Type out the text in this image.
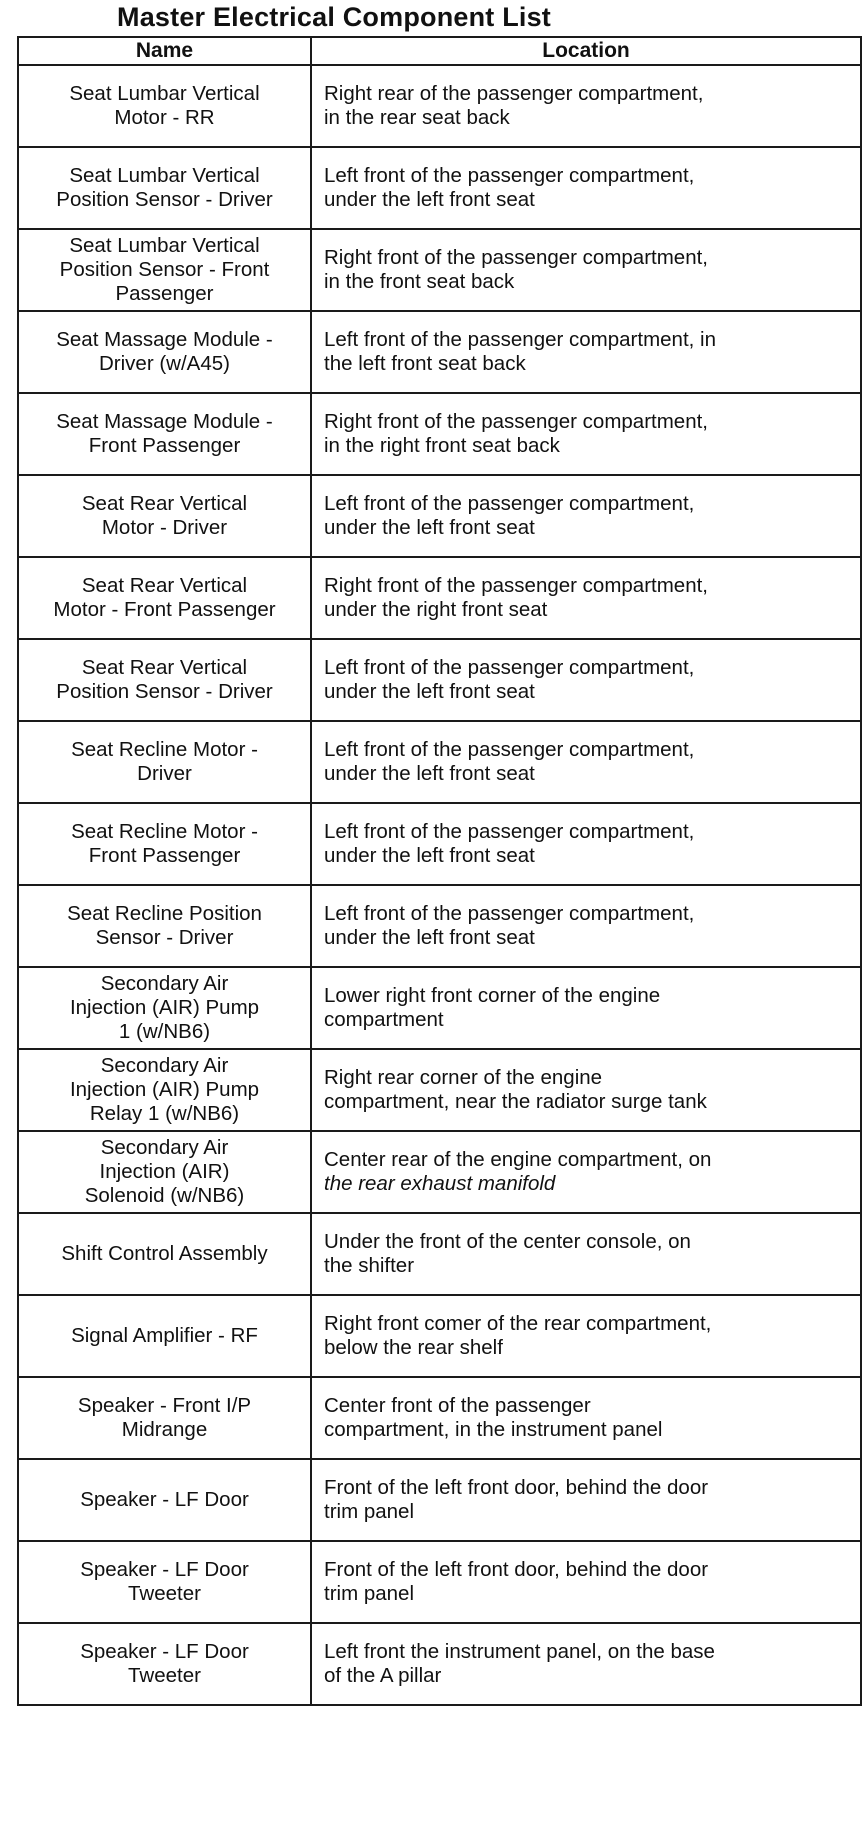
Master Electrical Component List
Name	Location

Seat Lumbar Vertical
Motor - RR	Right rear of the passenger compartment,
in the rear seat back

Seat Lumbar Vertical
Position Sensor - Driver	Left front of the passenger compartment,
under the left front seat

Seat Lumbar Vertical
Position Sensor - Front
Passenger	Right front of the passenger compartment,
in the front seat back

Seat Massage Module -
Driver (w/A45)	Left front of the passenger compartment, in
the left front seat back

Seat Massage Module -
Front Passenger	Right front of the passenger compartment,
in the right front seat back

Seat Rear Vertical
Motor - Driver	Left front of the passenger compartment,
under the left front seat

Seat Rear Vertical
Motor - Front Passenger	Right front of the passenger compartment,
under the right front seat

Seat Rear Vertical
Position Sensor - Driver	Left front of the passenger compartment,
under the left front seat

Seat Recline Motor -
Driver	Left front of the passenger compartment,
under the left front seat

Seat Recline Motor -
Front Passenger	Left front of the passenger compartment,
under the left front seat

Seat Recline Position
Sensor - Driver	Left front of the passenger compartment,
under the left front seat

Secondary Air
Injection (AIR) Pump
1 (w/NB6)	Lower right front corner of the engine
compartment

Secondary Air
Injection (AIR) Pump
Relay 1 (w/NB6)	Right rear corner of the engine
compartment, near the radiator surge tank

Secondary Air
Injection (AIR)
Solenoid (w/NB6)	Center rear of the engine compartment, on
the rear exhaust manifold

Shift Control Assembly	Under the front of the center console, on
the shifter

Signal Amplifier - RF	Right front comer of the rear compartment,
below the rear shelf

Speaker - Front I/P
Midrange	Center front of the passenger
compartment, in the instrument panel

Speaker - LF Door	Front of the left front door, behind the door
trim panel

Speaker - LF Door
Tweeter	Front of the left front door, behind the door
trim panel

Speaker - LF Door
Tweeter	Left front the instrument panel, on the base
of the A pillar
